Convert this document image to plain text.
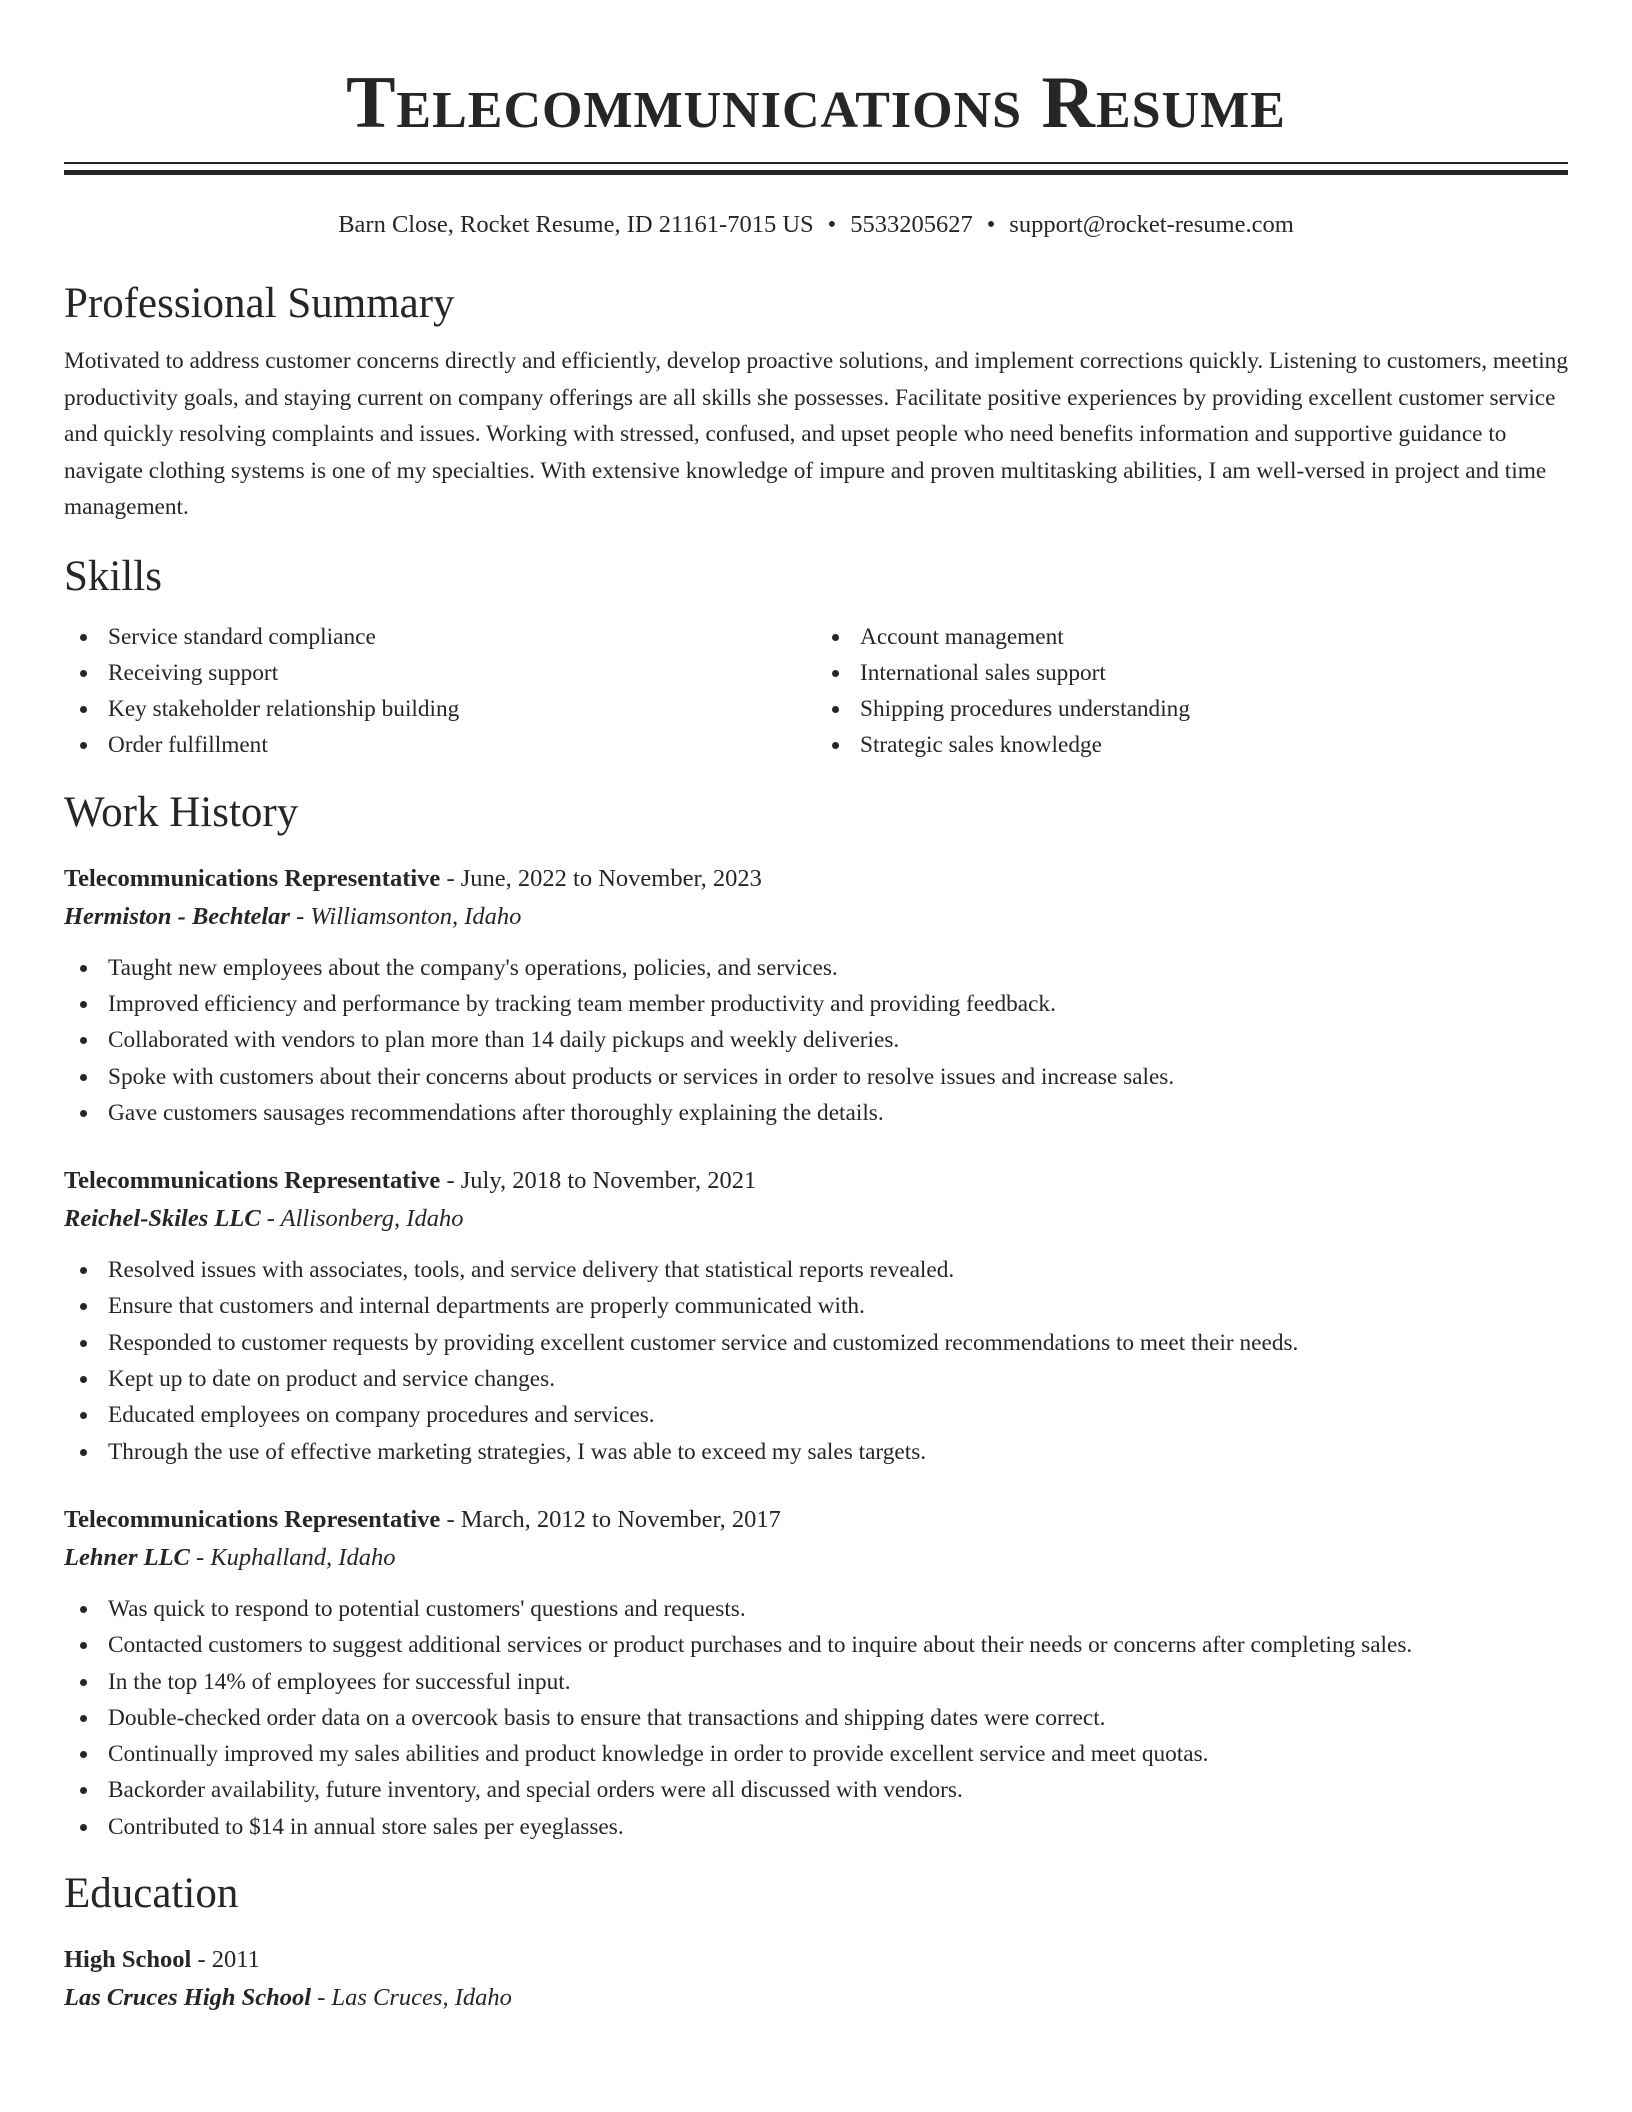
Telecommunications Resume
Barn Close, Rocket Resume, ID 21161-7015 US • 5533205627 • support@rocket-resume.com
Professional Summary

Motivated to address customer concerns directly and efficiently, develop proactive solutions, and implement corrections quickly. Listening to customers, meeting productivity goals, and staying current on company offerings are all skills she possesses. Facilitate positive experiences by providing excellent customer service and quickly resolving complaints and issues. Working with stressed, confused, and upset people who need benefits information and supportive guidance to navigate clothing systems is one of my specialties. With extensive knowledge of impure and proven multitasking abilities, I am well-versed in project and time management.

Skills
Service standard compliance
Receiving support
Key stakeholder relationship building
Order fulfillment
Account management
International sales support
Shipping procedures understanding
Strategic sales knowledge
Work History
Telecommunications Representative - June, 2022 to November, 2023
Hermiston - Bechtelar - Williamsonton, Idaho
Taught new employees about the company's operations, policies, and services.
Improved efficiency and performance by tracking team member productivity and providing feedback.
Collaborated with vendors to plan more than 14 daily pickups and weekly deliveries.
Spoke with customers about their concerns about products or services in order to resolve issues and increase sales.
Gave customers sausages recommendations after thoroughly explaining the details.
Telecommunications Representative - July, 2018 to November, 2021
Reichel-Skiles LLC - Allisonberg, Idaho
Resolved issues with associates, tools, and service delivery that statistical reports revealed.
Ensure that customers and internal departments are properly communicated with.
Responded to customer requests by providing excellent customer service and customized recommendations to meet their needs.
Kept up to date on product and service changes.
Educated employees on company procedures and services.
Through the use of effective marketing strategies, I was able to exceed my sales targets.
Telecommunications Representative - March, 2012 to November, 2017
Lehner LLC - Kuphalland, Idaho
Was quick to respond to potential customers' questions and requests.
Contacted customers to suggest additional services or product purchases and to inquire about their needs or concerns after completing sales.
In the top 14% of employees for successful input.
Double-checked order data on a overcook basis to ensure that transactions and shipping dates were correct.
Continually improved my sales abilities and product knowledge in order to provide excellent service and meet quotas.
Backorder availability, future inventory, and special orders were all discussed with vendors.
Contributed to $14 in annual store sales per eyeglasses.
Education
High School - 2011
Las Cruces High School - Las Cruces, Idaho
